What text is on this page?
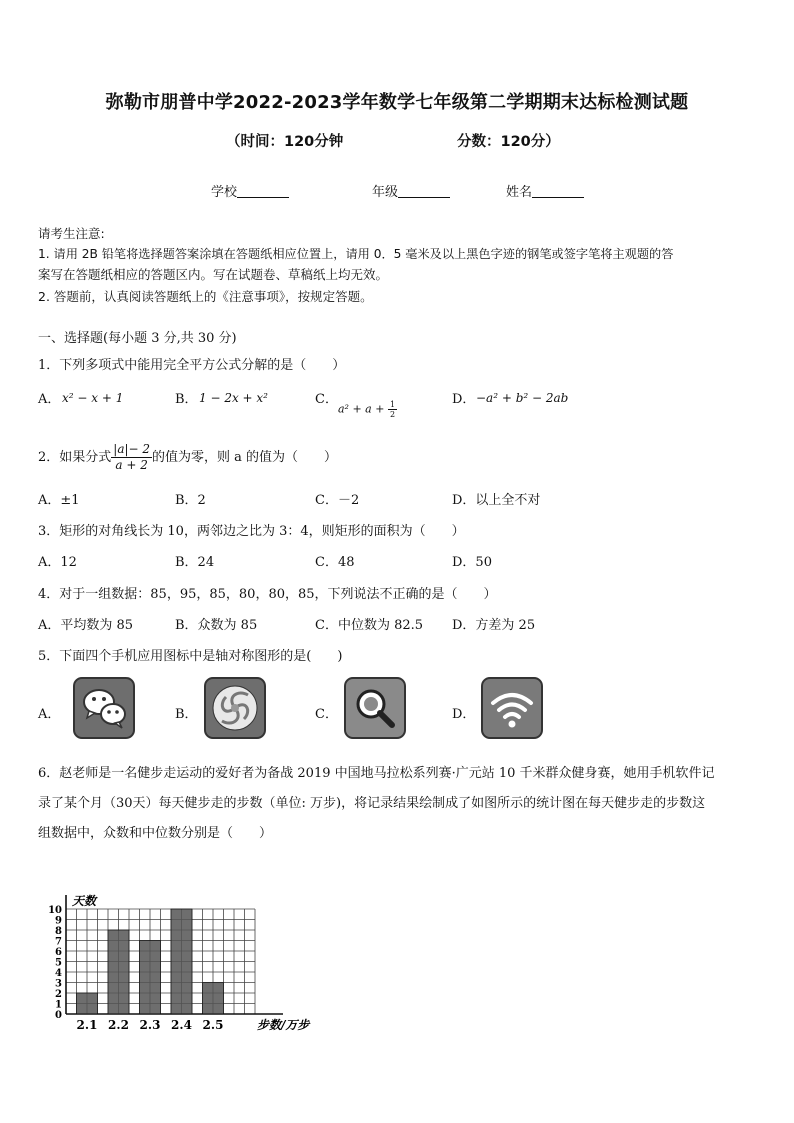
弥勒市朋普中学2022-2023学年数学七年级第二学期期末达标检测试题
（时间：120分钟	分数：120分）
学校	年级	姓名
请考生注意:
1. 请用 2B 铅笔将选择题答案涂填在答题纸相应位置上，请用 0．5 毫米及以上黑色字迹的钢笔或签字笔将主观题的答
案写在答题纸相应的答题区内。写在试题卷、草稿纸上均无效。
2. 答题前，认真阅读答题纸上的《注意事项》，按规定答题。
一、选择题(每小题 3 分,共 30 分)
1．下列多项式中能用完全平方公式分解的是（　　）
A． x² − x + 1	B． 1 − 2x + x²	C．
$a^2 + a + \frac{1}{2}$
D． −a² + b² − 2ab
2．如果分式 $\frac{|a|- 2}{a + 2}$ 的值为零，则 a 的值为（　　）
A．±1	B．2	C．－2	D．以上全不对
3．矩形的对角线长为 10，两邻边之比为 3：4，则矩形的面积为（　　）
A．12	B．24	C．48	D．50
4．对于一组数据：85，95，85，80，80，85，下列说法不正确的是（　　）
A．平均数为 85	B．众数为 85	C．中位数为 82.5 D．方差为 25
5．下面四个手机应用图标中是轴对称图形的是(　　)
A．	B．	C．	D．
6．赵老师是一名健步走运动的爱好者为备战 2019 中国地马拉松系列赛·广元站 10 千米群众健身赛，她用手机软件记
录了某个月（30天）每天健步走的步数（单位: 万步)，将记录结果绘制成了如图所示的统计图在每天健步走的步数这
组数据中，众数和中位数分别是（　　）
2.1 2.2 2.3 2.4 2.5
0
1
2
3
4
5
6
7
8
9
10
天数
步数/万步
